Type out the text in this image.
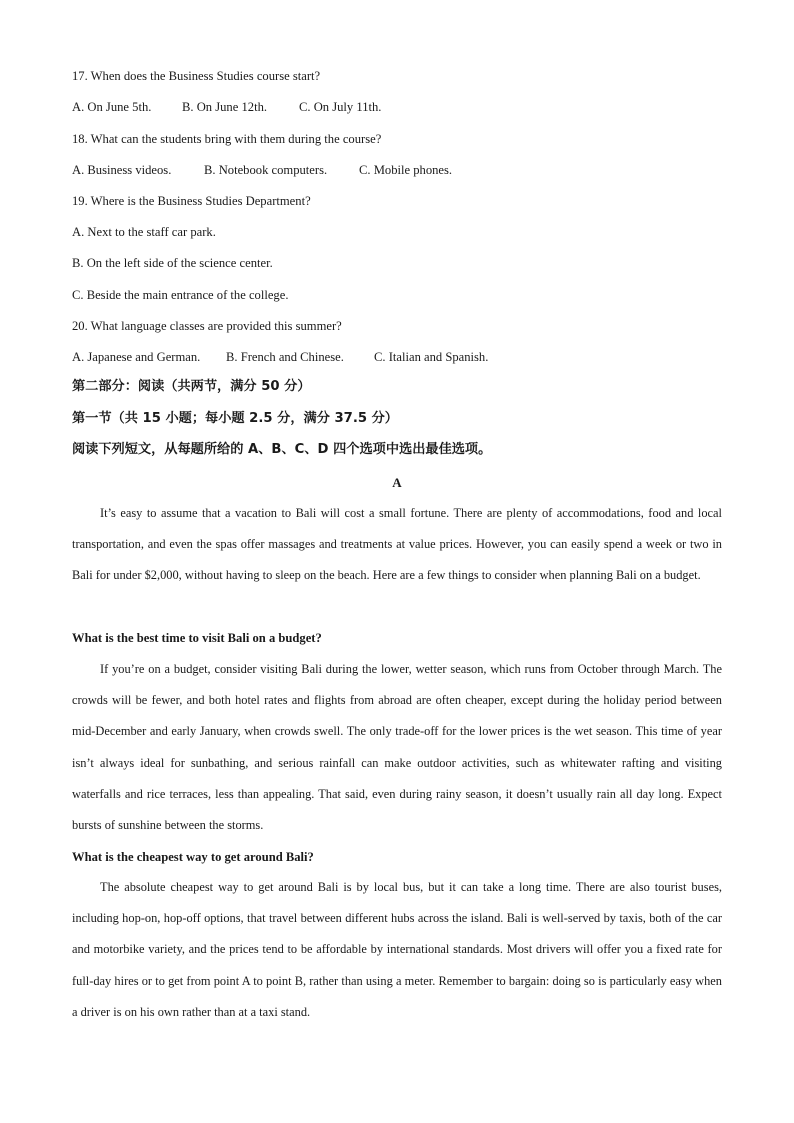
17. When does the Business Studies course start?
A. On June 5th. B. On June 12th.	C. On July 11th.
18. What can the students bring with them during the course?
A. Business videos.	B. Notebook computers.	C. Mobile phones.
19. Where is the Business Studies Department?
A. Next to the staff car park.
B. On the left side of the science center.
C. Beside the main entrance of the college.
20. What language classes are provided this summer?
A. Japanese and German. B. French and Chinese. C. Italian and Spanish.
第二部分：阅读（共两节，满分 50 分）
第一节（共 15 小题；每小题 2.5 分，满分 37.5 分）
阅读下列短文，从每题所给的 A、B、C、D 四个选项中选出最佳选项。
A
It’s easy to assume that a vacation to Bali will cost a small fortune. There are plenty of accommodations, food and local transportation, and even the spas offer massages and treatments at value prices. However, you can easily spend a week or two in Bali for under $2,000, without having to sleep on the beach. Here are a few things to consider when planning Bali on a budget.
What is the best time to visit Bali on a budget?
If you’re on a budget, consider visiting Bali during the lower, wetter season, which runs from October through March. The crowds will be fewer, and both hotel rates and flights from abroad are often cheaper, except during the holiday period between mid-December and early January, when crowds swell. The only trade-off for the lower prices is the wet season. This time of year isn’t always ideal for sunbathing, and serious rainfall can make outdoor activities, such as whitewater rafting and visiting waterfalls and rice terraces, less than appealing. That said, even during rainy season, it doesn’t usually rain all day long. Expect bursts of sunshine between the storms.
What is the cheapest way to get around Bali?
The absolute cheapest way to get around Bali is by local bus, but it can take a long time. There are also tourist buses, including hop-on, hop-off options, that travel between different hubs across the island. Bali is well-served by taxis, both of the car and motorbike variety, and the prices tend to be affordable by international standards. Most drivers will offer you a fixed rate for full-day hires or to get from point A to point B, rather than using a meter. Remember to bargain: doing so is particularly easy when a driver is on his own rather than at a taxi stand.
